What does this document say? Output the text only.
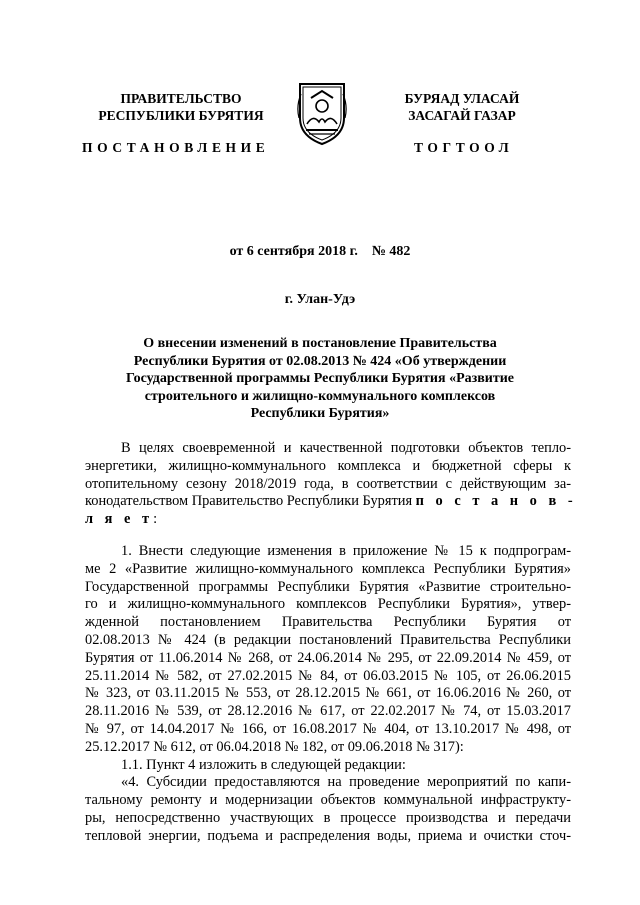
ПРАВИТЕЛЬСТВО
РЕСПУБЛИКИ БУРЯТИЯ
БУРЯАД УЛАСАЙ
ЗАСАГАЙ ГАЗАР
ПОСТАНОВЛЕНИЕ	ТОГТООЛ
от 6 сентября 2018 г. № 482
г. Улан-Удэ
О внесении изменений в постановление Правительства
Республики Бурятия от 02.08.2013 № 424 «Об утверждении
Государственной программы Республики Бурятия «Развитие
строительного и жилищно-коммунального комплексов
Республики Бурятия»
В целях своевременной и качественной подготовки объектов тепло-
энергетики, жилищно-коммунального комплекса и бюджетной сферы к
отопительному сезону 2018/2019 года, в соответствии с действующим за-
конодательством Правительство Республики Бурятия п о с т а н о в -
л я е т:
1. Внести следующие изменения в приложение № 15 к подпрограм-
ме 2 «Развитие жилищно-коммунального комплекса Республики Бурятия»
Государственной программы Республики Бурятия «Развитие строительно-
го и жилищно-коммунального комплексов Республики Бурятия», утвер-
жденной постановлением Правительства Республики Бурятия от
02.08.2013 № 424 (в редакции постановлений Правительства Республики
Бурятия от 11.06.2014 № 268, от 24.06.2014 № 295, от 22.09.2014 № 459, от
25.11.2014 № 582, от 27.02.2015 № 84, от 06.03.2015 № 105, от 26.06.2015
№ 323, от 03.11.2015 № 553, от 28.12.2015 № 661, от 16.06.2016 № 260, от
28.11.2016 № 539, от 28.12.2016 № 617, от 22.02.2017 № 74, от 15.03.2017
№ 97, от 14.04.2017 № 166, от 16.08.2017 № 404, от 13.10.2017 № 498, от
25.12.2017 № 612, от 06.04.2018 № 182, от 09.06.2018 № 317):
1.1. Пункт 4 изложить в следующей редакции:
«4. Субсидии предоставляются на проведение мероприятий по капи-
тальному ремонту и модернизации объектов коммунальной инфраструкту-
ры, непосредственно участвующих в процессе производства и передачи
тепловой энергии, подъема и распределения воды, приема и очистки сточ-
